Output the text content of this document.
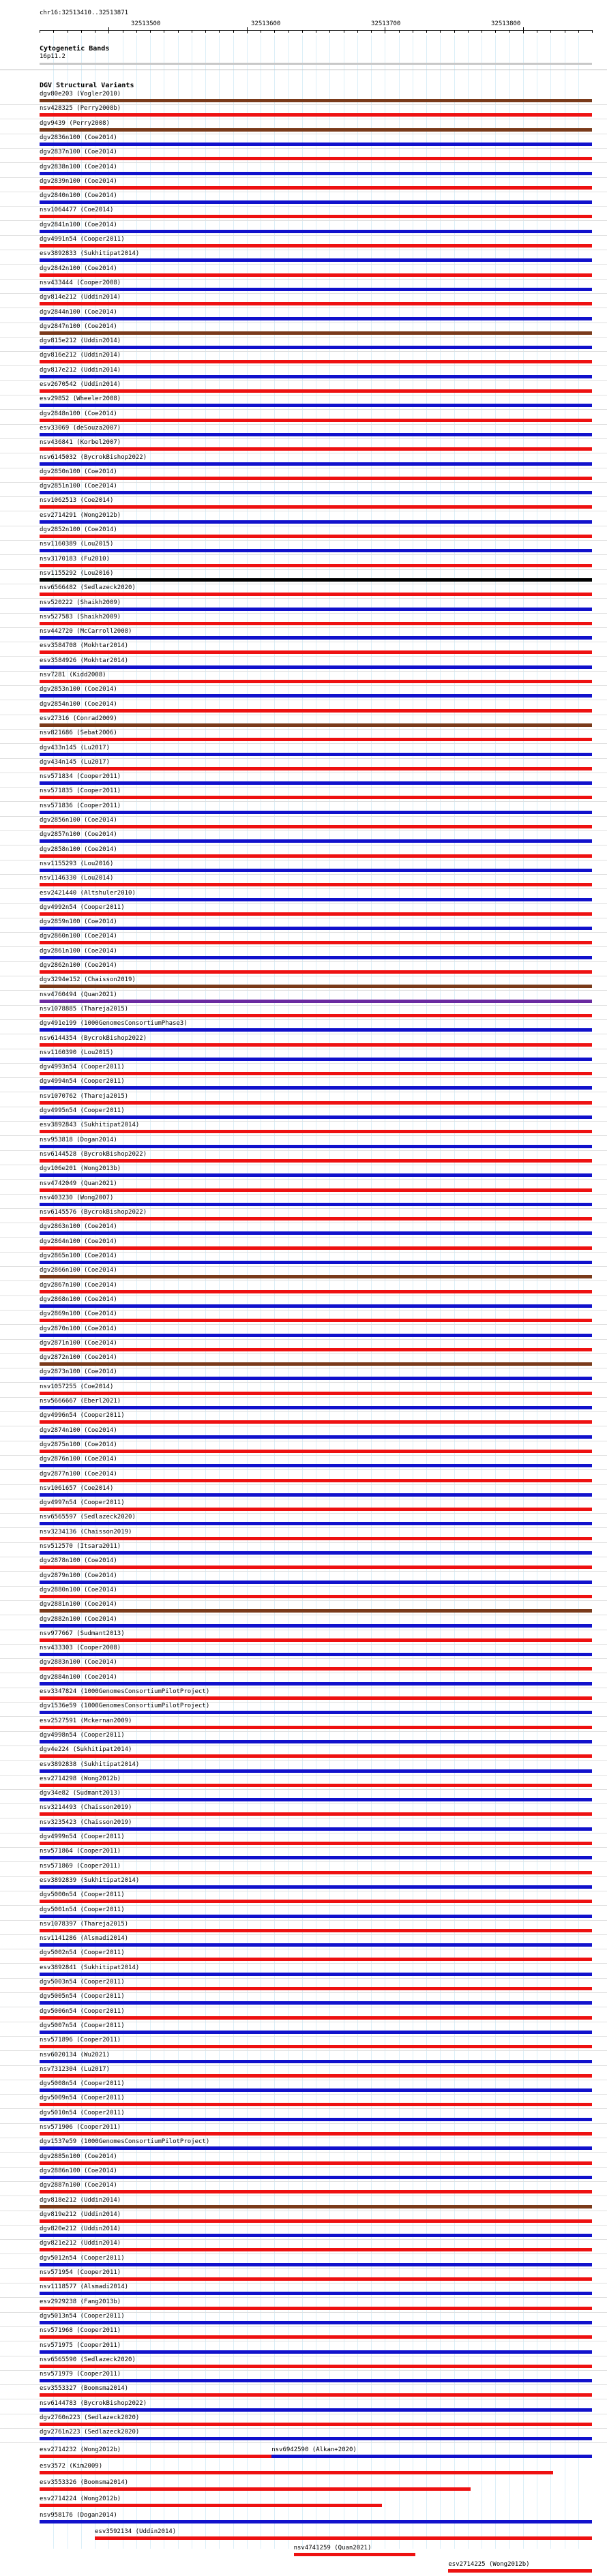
chr16:32513410..32513871
32513500	32513600	32513700	32513800
Cytogenetic Bands
16p11.2
DGV Structural Variants
dgv80e203 (Vogler2010)
nsv428325 (Perry2008b)
dgv9439 (Perry2008)
dgv2836n100 (Coe2014)
dgv2837n100 (Coe2014)
dgv2838n100 (Coe2014)
dgv2839n100 (Coe2014)
dgv2840n100 (Coe2014)
nsv1064477 (Coe2014)
dgv2841n100 (Coe2014)
dgv4991n54 (Cooper2011)
esv3892833 (Sukhitipat2014)
dgv2842n100 (Coe2014)
nsv433444 (Cooper2008)
dgv814e212 (Uddin2014)
dgv2844n100 (Coe2014)
dgv2847n100 (Coe2014)
dgv815e212 (Uddin2014)
dgv816e212 (Uddin2014)
dgv817e212 (Uddin2014)
esv2670542 (Uddin2014)
esv29852 (Wheeler2008)
dgv2848n100 (Coe2014)
esv33069 (deSouza2007)
nsv436841 (Korbel2007)
nsv6145032 (BycrokBishop2022)
dgv2850n100 (Coe2014)
dgv2851n100 (Coe2014)
nsv1062513 (Coe2014)
esv2714291 (Wong2012b)
dgv2852n100 (Coe2014)
nsv1160389 (Lou2015)
nsv3170183 (Fu2010)
nsv1155292 (Lou2016)
nsv6566482 (Sedlazeck2020)
nsv520222 (Shaikh2009)
nsv527583 (Shaikh2009)
nsv442720 (McCarroll2008)
esv3584708 (Mokhtar2014)
esv3584926 (Mokhtar2014)
nsv7281 (Kidd2008)
dgv2853n100 (Coe2014)
dgv2854n100 (Coe2014)
esv27316 (Conrad2009)
nsv821686 (Sebat2006)
dgv433n145 (Lu2017)
dgv434n145 (Lu2017)
nsv571834 (Cooper2011)
nsv571835 (Cooper2011)
nsv571836 (Cooper2011)
dgv2856n100 (Coe2014)
dgv2857n100 (Coe2014)
dgv2858n100 (Coe2014)
nsv1155293 (Lou2016)
nsv1146330 (Lou2014)
esv2421440 (Altshuler2010)
dgv4992n54 (Cooper2011)
dgv2859n100 (Coe2014)
dgv2860n100 (Coe2014)
dgv2861n100 (Coe2014)
dgv2862n100 (Coe2014)
dgv3294e152 (Chaisson2019)
nsv4760494 (Quan2021)
nsv1078885 (Thareja2015)
dgv491e199 (1000GenomesConsortiumPhase3)
nsv6144354 (BycrokBishop2022)
nsv1160390 (Lou2015)
dgv4993n54 (Cooper2011)
dgv4994n54 (Cooper2011)
nsv1070762 (Thareja2015)
dgv4995n54 (Cooper2011)
esv3892843 (Sukhitipat2014)
nsv953818 (Dogan2014)
nsv6144528 (BycrokBishop2022)
dgv106e201 (Wong2013b)
nsv4742049 (Quan2021)
nsv403230 (Wong2007)
nsv6145576 (BycrokBishop2022)
dgv2863n100 (Coe2014)
dgv2864n100 (Coe2014)
dgv2865n100 (Coe2014)
dgv2866n100 (Coe2014)
dgv2867n100 (Coe2014)
dgv2868n100 (Coe2014)
dgv2869n100 (Coe2014)
dgv2870n100 (Coe2014)
dgv2871n100 (Coe2014)
dgv2872n100 (Coe2014)
dgv2873n100 (Coe2014)
nsv1057255 (Coe2014)
nsv5666667 (Eberl2021)
dgv4996n54 (Cooper2011)
dgv2874n100 (Coe2014)
dgv2875n100 (Coe2014)
dgv2876n100 (Coe2014)
dgv2877n100 (Coe2014)
nsv1061657 (Coe2014)
dgv4997n54 (Cooper2011)
nsv6565597 (Sedlazeck2020)
nsv3234136 (Chaisson2019)
nsv512570 (Itsara2011)
dgv2878n100 (Coe2014)
dgv2879n100 (Coe2014)
dgv2880n100 (Coe2014)
dgv2881n100 (Coe2014)
dgv2882n100 (Coe2014)
nsv977667 (Sudmant2013)
nsv433303 (Cooper2008)
dgv2883n100 (Coe2014)
dgv2884n100 (Coe2014)
esv3347824 (1000GenomesConsortiumPilotProject)
dgv1536e59 (1000GenomesConsortiumPilotProject)
esv2527591 (Mckernan2009)
dgv4998n54 (Cooper2011)
dgv4e224 (Sukhitipat2014)
esv3892838 (Sukhitipat2014)
esv2714298 (Wong2012b)
dgv34e82 (Sudmant2013)
nsv3214493 (Chaisson2019)
nsv3235423 (Chaisson2019)
dgv4999n54 (Cooper2011)
nsv571864 (Cooper2011)
nsv571869 (Cooper2011)
esv3892839 (Sukhitipat2014)
dgv5000n54 (Cooper2011)
dgv5001n54 (Cooper2011)
nsv1078397 (Thareja2015)
nsv1141286 (Alsmadi2014)
dgv5002n54 (Cooper2011)
esv3892841 (Sukhitipat2014)
dgv5003n54 (Cooper2011)
dgv5005n54 (Cooper2011)
dgv5006n54 (Cooper2011)
dgv5007n54 (Cooper2011)
nsv571896 (Cooper2011)
nsv6020134 (Wu2021)
nsv7312304 (Lu2017)
dgv5008n54 (Cooper2011)
dgv5009n54 (Cooper2011)
dgv5010n54 (Cooper2011)
nsv571906 (Cooper2011)
dgv1537e59 (1000GenomesConsortiumPilotProject)
dgv2885n100 (Coe2014)
dgv2886n100 (Coe2014)
dgv2887n100 (Coe2014)
dgv818e212 (Uddin2014)
dgv819e212 (Uddin2014)
dgv820e212 (Uddin2014)
dgv821e212 (Uddin2014)
dgv5012n54 (Cooper2011)
nsv571954 (Cooper2011)
nsv1118577 (Alsmadi2014)
esv2929238 (Fang2013b)
dgv5013n54 (Cooper2011)
nsv571968 (Cooper2011)
nsv571975 (Cooper2011)
nsv6565590 (Sedlazeck2020)
nsv571979 (Cooper2011)
esv3553327 (Boomsma2014)
nsv6144783 (BycrokBishop2022)
dgv2760n223 (Sedlazeck2020)
dgv2761n223 (Sedlazeck2020)
esv2714232 (Wong2012b)	nsv6942590 (Alkan+2020)
esv3572 (Kim2009)
esv3553326 (Boomsma2014)
esv2714224 (Wong2012b)
nsv958176 (Dogan2014)
esv3592134 (Uddin2014)
nsv4741259 (Quan2021)
esv2714225 (Wong2012b)
